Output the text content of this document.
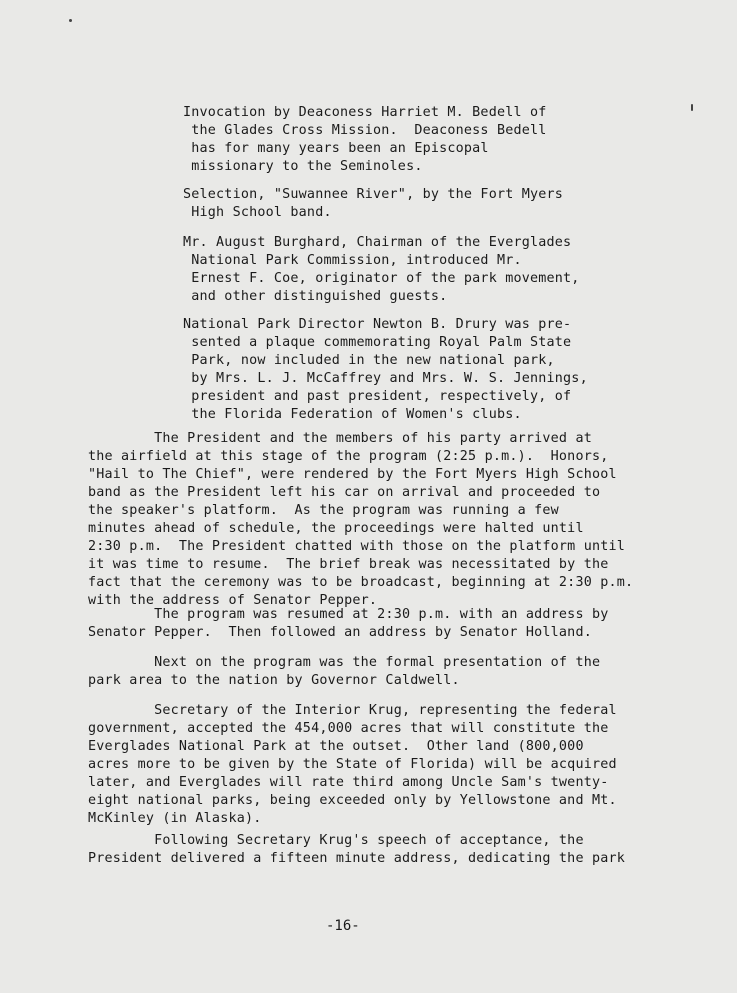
Invocation by Deaconess Harriet M. Bedell of

the Glades Cross Mission.  Deaconess Bedell

has for many years been an Episcopal

missionary to the Seminoles.

Selection, "Suwannee River", by the Fort Myers

High School band.

Mr. August Burghard, Chairman of the Everglades

National Park Commission, introduced Mr.

Ernest F. Coe, originator of the park movement,

and other distinguished guests.

National Park Director Newton B. Drury was pre-

sented a plaque commemorating Royal Palm State

Park, now included in the new national park,

by Mrs. L. J. McCaffrey and Mrs. W. S. Jennings,

president and past president, respectively, of

the Florida Federation of Women's clubs.

The President and the members of his party arrived at

the airfield at this stage of the program (2:25 p.m.).  Honors,

"Hail to The Chief", were rendered by the Fort Myers High School

band as the President left his car on arrival and proceeded to

the speaker's platform.  As the program was running a few

minutes ahead of schedule, the proceedings were halted until

2:30 p.m.  The President chatted with those on the platform until

it was time to resume.  The brief break was necessitated by the

fact that the ceremony was to be broadcast, beginning at 2:30 p.m.

with the address of Senator Pepper.

The program was resumed at 2:30 p.m. with an address by

Senator Pepper.  Then followed an address by Senator Holland.

Next on the program was the formal presentation of the

park area to the nation by Governor Caldwell.

Secretary of the Interior Krug, representing the federal

government, accepted the 454,000 acres that will constitute the

Everglades National Park at the outset.  Other land (800,000

acres more to be given by the State of Florida) will be acquired

later, and Everglades will rate third among Uncle Sam's twenty-

eight national parks, being exceeded only by Yellowstone and Mt.

McKinley (in Alaska).

Following Secretary Krug's speech of acceptance, the

President delivered a fifteen minute address, dedicating the park

-16-
